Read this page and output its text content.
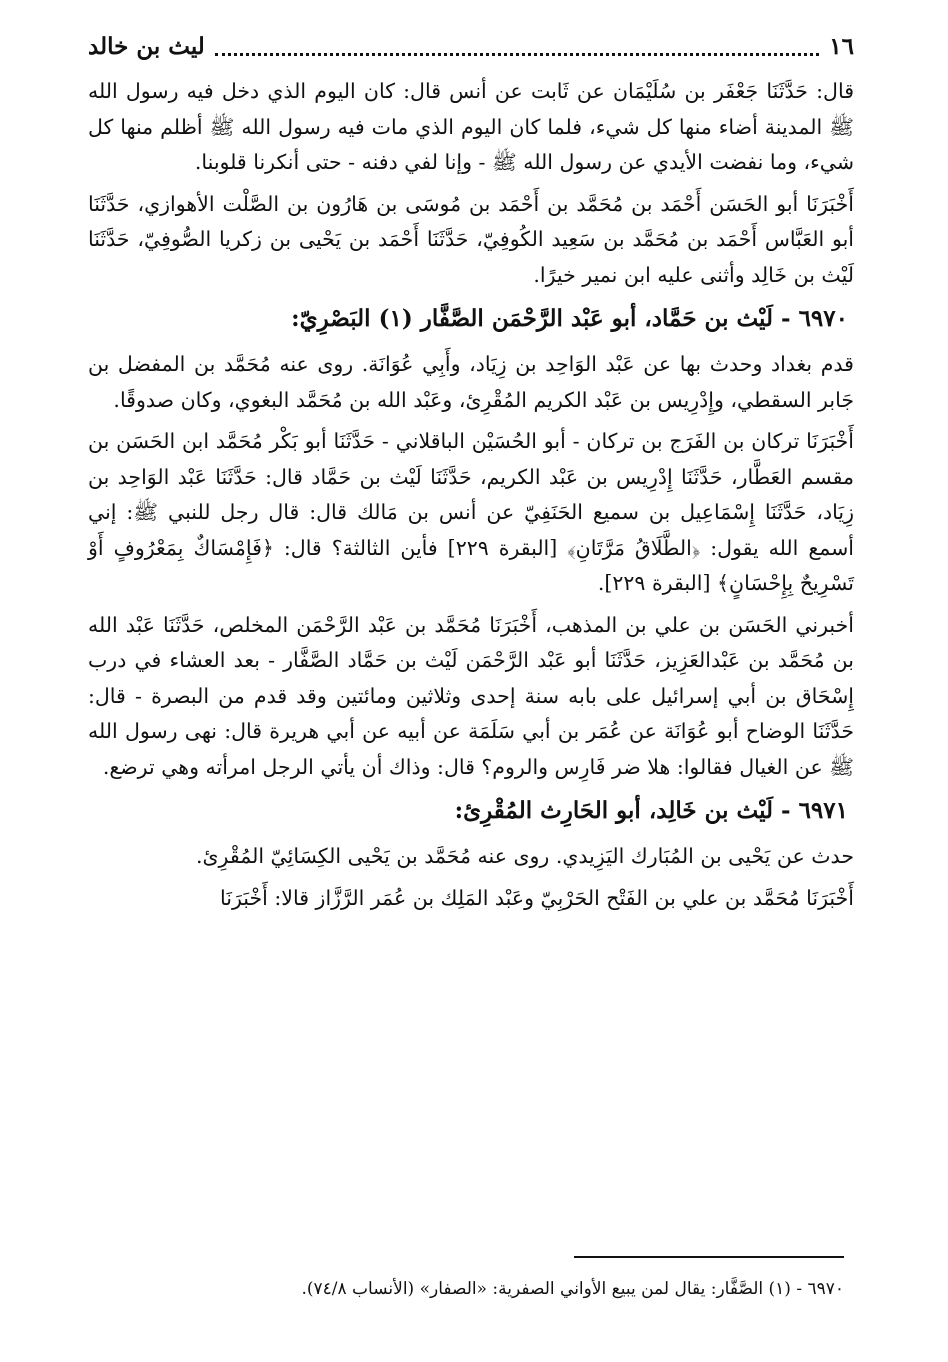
١٦
ليث بن خالد

قال: حَدَّثَنَا جَعْفَر بن سُلَيْمَان عن ثَابت عن أنس قال: كان اليوم الذي دخل فيه رسول الله ﷺ المدينة أضاء منها كل شيء، فلما كان اليوم الذي مات فيه رسول الله ﷺ أظلم منها كل شيء، وما نفضت الأيدي عن رسول الله ﷺ - وإنا لفي دفنه - حتى أنكرنا قلوبنا.

أَخْبَرَنَا أبو الحَسَن أَحْمَد بن مُحَمَّد بن أَحْمَد بن مُوسَى بن هَارُون بن الصَّلْت الأهوازي، حَدَّثَنَا أبو العَبَّاس أَحْمَد بن مُحَمَّد بن سَعِيد الكُوفِيّ، حَدَّثَنَا أَحْمَد بن يَحْيى بن زكريا الصُّوفِيّ، حَدَّثَنَا لَيْث بن خَالِد وأثنى عليه ابن نمير خيرًا.

٦٩٧٠ - لَيْث بن حَمَّاد، أبو عَبْد الرَّحْمَن الصَّفَّار (١) البَصْرِيّ:

قدم بغداد وحدث بها عن عَبْد الوَاحِد بن زِيَاد، وأَبِي عُوَانَة. روى عنه مُحَمَّد بن المفضل بن جَابر السقطي، وإِدْرِيس بن عَبْد الكريم المُقْرِئ، وعَبْد الله بن مُحَمَّد البغوي، وكان صدوقًا.

أَخْبَرَنَا تركان بن الفَرَج بن تركان - أبو الحُسَيْن الباقلاني - حَدَّثَنَا أبو بَكْر مُحَمَّد ابن الحَسَن بن مقسم العَطَّار، حَدَّثَنَا إِدْرِيس بن عَبْد الكريم، حَدَّثَنَا لَيْث بن حَمَّاد قال: حَدَّثَنَا عَبْد الوَاحِد بن زِيَاد، حَدَّثَنَا إِسْمَاعِيل بن سميع الحَنَفِيّ عن أنس بن مَالك قال: قال رجل للنبي ﷺ: إني أسمع الله يقول: ﴿الطَّلَاقُ مَرَّتَانِ﴾ [البقرة ٢٢٩] فأين الثالثة؟ قال: ﴿فَإِمْسَاكٌ بِمَعْرُوفٍ أَوْ تَسْرِيحٌ بِإِحْسَانٍ﴾ [البقرة ٢٢٩].

أخبرني الحَسَن بن علي بن المذهب، أَخْبَرَنَا مُحَمَّد بن عَبْد الرَّحْمَن المخلص، حَدَّثَنَا عَبْد الله بن مُحَمَّد بن عَبْدالعَزِيز، حَدَّثَنَا أبو عَبْد الرَّحْمَن لَيْث بن حَمَّاد الصَّفَّار - بعد العشاء في درب إِسْحَاق بن أبي إسرائيل على بابه سنة إحدى وثلاثين ومائتين وقد قدم من البصرة - قال: حَدَّثَنَا الوضاح أبو عُوَانَة عن عُمَر بن أبي سَلَمَة عن أبيه عن أبي هريرة قال: نهى رسول الله ﷺ عن الغيال فقالوا: هلا ضر فَارِس والروم؟ قال: وذاك أن يأتي الرجل امرأته وهي ترضع.

٦٩٧١ - لَيْث بن خَالِد، أبو الحَارِث المُقْرِئ:

حدث عن يَحْيى بن المُبَارك اليَزِيدي. روى عنه مُحَمَّد بن يَحْيى الكِسَائِيّ المُقْرِئ.

أَخْبَرَنَا مُحَمَّد بن علي بن الفَتْح الحَرْبِيّ وعَبْد المَلِك بن عُمَر الرَّزَّاز قالا: أَخْبَرَنَا

٦٩٧٠ - (١) الصَّفَّار: يقال لمن يبيع الأواني الصفرية: «الصفار» (الأنساب ٧٤/٨).
